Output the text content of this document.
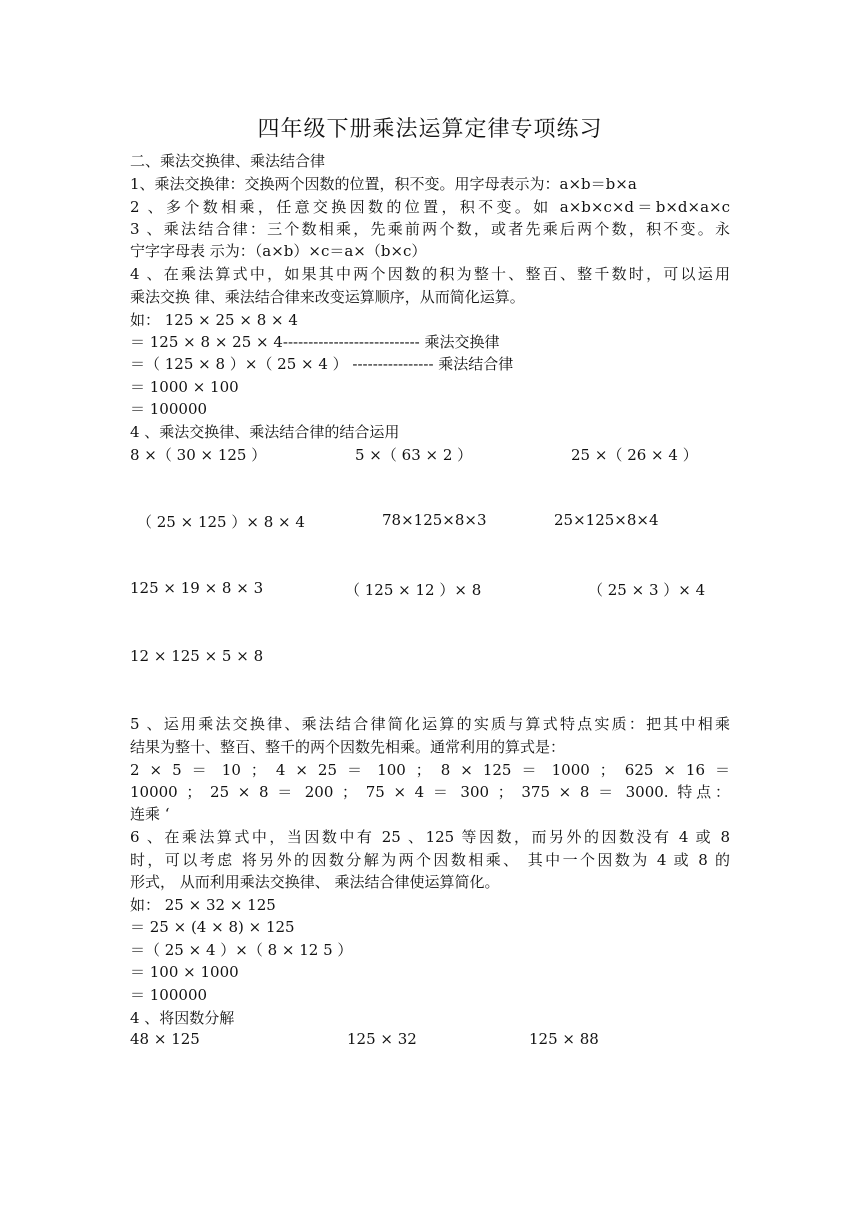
四年级下册乘法运算定律专项练习
二、乘法交换律、乘法结合律
1、乘法交换律：交换两个因数的位置，积不变。用字母表示为：a×b＝b×a
2 、多个数相乘，任意交换因数的位置，积不变。如 a×b×c×d＝b×d×a×c
3 、乘法结合律：三个数相乘，先乘前两个数，或者先乘后两个数，积不变。永
宁字字母表 示为：（a×b）×c＝a×（b×c）
4 、在乘法算式中，如果其中两个因数的积为整十、整百、整千数时，可以运用
乘法交换 律、乘法结合律来改变运算顺序，从而简化运算。
如： 125 × 25 × 8 × 4
＝ 125 × 8 × 25 × 4--------------------------- 乘法交换律
＝（ 125 × 8 ）×（ 25 × 4 ） ---------------- 乘法结合律
＝ 1000 × 100
＝ 100000
4 、乘法交换律、乘法结合律的结合运用
8 ×（ 30 × 125 ）	5 ×（ 63 × 2 ）	25 ×（ 26 × 4 ）
（ 25 × 125 ）× 8 × 4	78×125×8×3	25×125×8×4
125 × 19 × 8 × 3	（ 125 × 12 ）× 8	（ 25 × 3 ）× 4
12 × 125 × 5 × 8
5 、运用乘法交换律、乘法结合律简化运算的实质与算式特点实质：把其中相乘
结果为整十、整百、整千的两个因数先相乘。通常利用的算式是：
2 × 5 ＝ 10 ； 4 × 25 ＝ 100 ； 8 × 125 ＝ 1000 ； 625 × 16 ＝
10000 ； 25 × 8 ＝ 200 ； 75 × 4 ＝ 300 ； 375 × 8 ＝ 3000. 特点：
连乘 ‘
6 、在乘法算式中，当因数中有 25 、125 等因数，而另外的因数没有 4 或 8
时，可以考虑 将另外的因数分解为两个因数相乘、 其中一个因数为 4 或 8 的
形式， 从而利用乘法交换律、 乘法结合律使运算简化。
如： 25 × 32 × 125
＝ 25 × (4 × 8) × 125
＝（ 25 × 4 ）×（ 8 × 12 5 ）
＝ 100 × 1000
＝ 100000
4 、将因数分解
48 × 125	125 × 32	125 × 88
